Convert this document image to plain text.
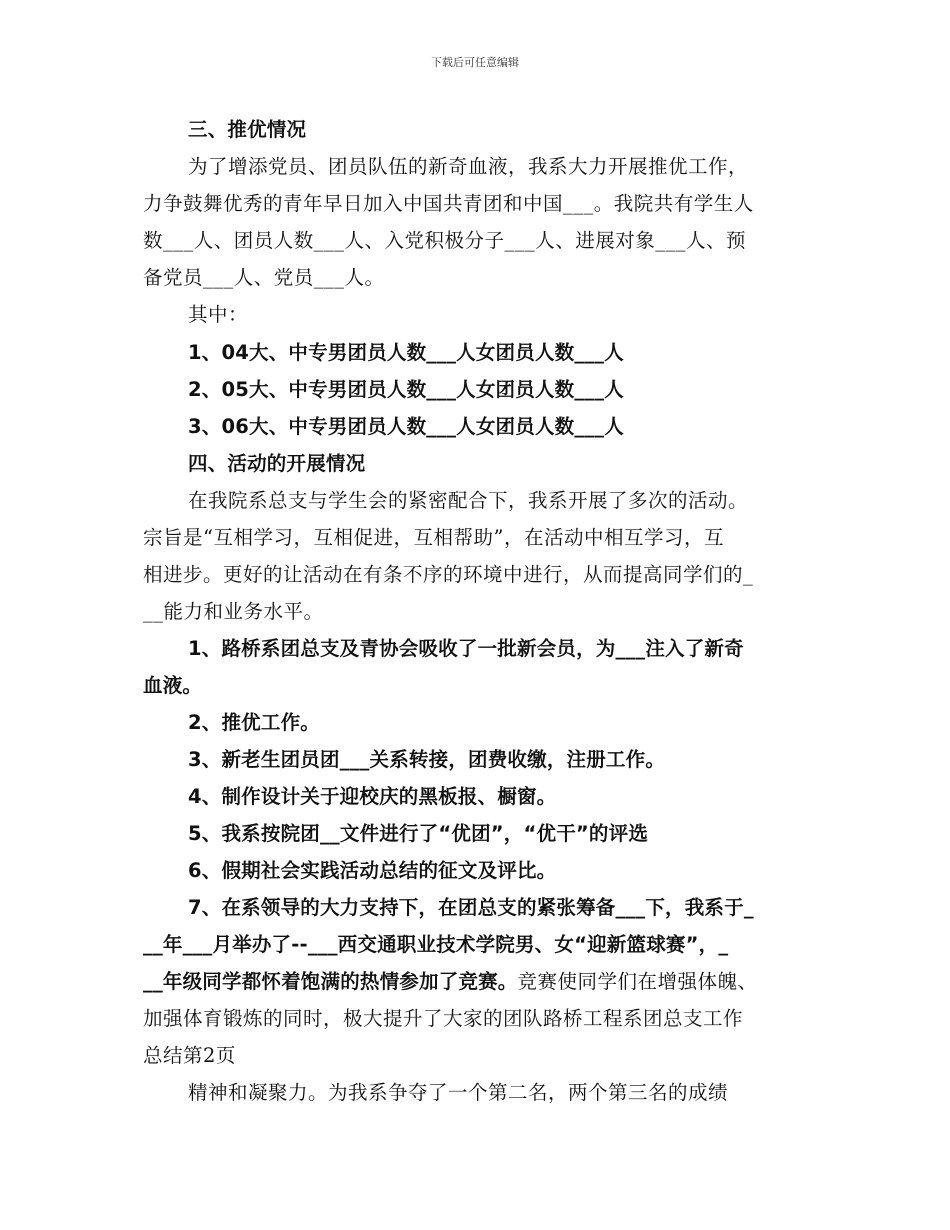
下载后可任意编辑
三、推优情况
为了增添党员、团员队伍的新奇血液，我系大力开展推优工作，
力争鼓舞优秀的青年早日加入中国共青团和中国___。我院共有学生人
数___人、团员人数___人、入党积极分子___人、进展对象___人、预
备党员___人、党员___人。
其中：
1、04大、中专男团员人数___人女团员人数___人
2、05大、中专男团员人数___人女团员人数___人
3、06大、中专男团员人数___人女团员人数___人
四、活动的开展情况
在我院系总支与学生会的紧密配合下，我系开展了多次的活动。
宗旨是“互相学习，互相促进，互相帮助”，在活动中相互学习，互
相进步。更好的让活动在有条不序的环境中进行，从而提高同学们的_
__能力和业务水平。
1、路桥系团总支及青协会吸收了一批新会员，为___注入了新奇
血液。
2、推优工作。
3、新老生团员团___关系转接，团费收缴，注册工作。
4、制作设计关于迎校庆的黑板报、橱窗。
5、我系按院团__文件进行了“优团”，“优干”的评选
6、假期社会实践活动总结的征文及评比。
7、在系领导的大力支持下，在团总支的紧张筹备___下，我系于_
__年___月举办了--___西交通职业技术学院男、女“迎新篮球赛”，_
__年级同学都怀着饱满的热情参加了竞赛。竞赛使同学们在增强体魄、
加强体育锻炼的同时，极大提升了大家的团队路桥工程系团总支工作
总结第2页
精神和凝聚力。为我系争夺了一个第二名，两个第三名的成绩
